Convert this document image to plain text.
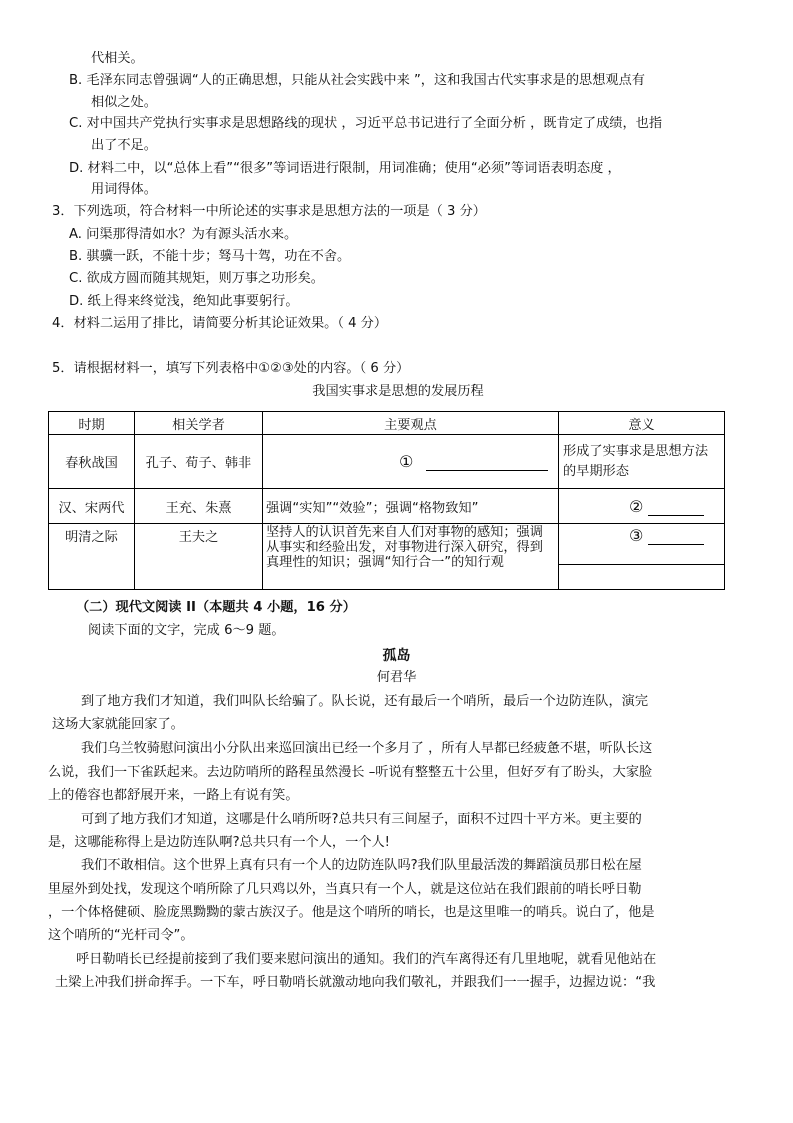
代相关。
B. 毛泽东同志曾强调“人的正确思想，只能从社会实践中来 ”，这和我国古代实事求是的思想观点有
相似之处。
C. 对中国共产党执行实事求是思想路线的现状 ，习近平总书记进行了全面分析 ，既肯定了成绩，也指
出了不足。
D. 材料二中，以“总体上看”“很多”等词语进行限制，用词准确；使用“必须”等词语表明态度 ，
用词得体。
3．下列选项，符合材料一中所论述的实事求是思想方法的一项是（ 3 分）
A. 问渠那得清如水？为有源头活水来。
B. 骐骥一跃，不能十步；驽马十驾，功在不舍。
C. 欲成方圆而随其规矩，则万事之功形矣。
D. 纸上得来终觉浅，绝知此事要躬行。
4．材料二运用了排比，请简要分析其论证效果。（ 4 分）
5．请根据材料一，填写下列表格中①②③处的内容。（ 6 分）
我国实事求是思想的发展历程
时期	相关学者	主要观点	意义
春秋战国	孔子、荀子、韩非	①	形成了实事求是思想方法的早期形态
汉、宋两代	王充、朱熹	强调“实知”“效验”；强调“格物致知”	②
明清之际	王夫之	坚持人的认识首先来自人们对事物的感知；强调从事实和经验出发，对事物进行深入研究，得到真理性的知识；强调“知行合一”的知行观	③
（二）现代文阅读 II（本题共 4 小题，16 分）
阅读下面的文字，完成 6～9 题。
孤岛
何君华
到了地方我们才知道，我们叫队长给骗了。队长说，还有最后一个哨所，最后一个边防连队，演完
这场大家就能回家了。
我们乌兰牧骑慰问演出小分队出来巡回演出已经一个多月了 ，所有人早都已经疲惫不堪，听队长这
么说，我们一下雀跃起来。去边防哨所的路程虽然漫长 –听说有整整五十公里，但好歹有了盼头，大家脸
上的倦容也都舒展开来，一路上有说有笑。
可到了地方我们才知道，这哪是什么哨所呀?总共只有三间屋子，面积不过四十平方米。更主要的
是，这哪能称得上是边防连队啊?总共只有一个人，一个人!
我们不敢相信。这个世界上真有只有一个人的边防连队吗?我们队里最活泼的舞蹈演员那日松在屋
里屋外到处找，发现这个哨所除了几只鸡以外，当真只有一个人，就是这位站在我们跟前的哨长呼日勒
，一个体格健硕、脸庞黑黝黝的蒙古族汉子。他是这个哨所的哨长，也是这里唯一的哨兵。说白了，他是
这个哨所的“光杆司令”。
呼日勒哨长已经提前接到了我们要来慰问演出的通知。我们的汽车离得还有几里地呢，就看见他站在
土梁上冲我们拼命挥手。一下车，呼日勒哨长就激动地向我们敬礼，并跟我们一一握手，边握边说：“我
